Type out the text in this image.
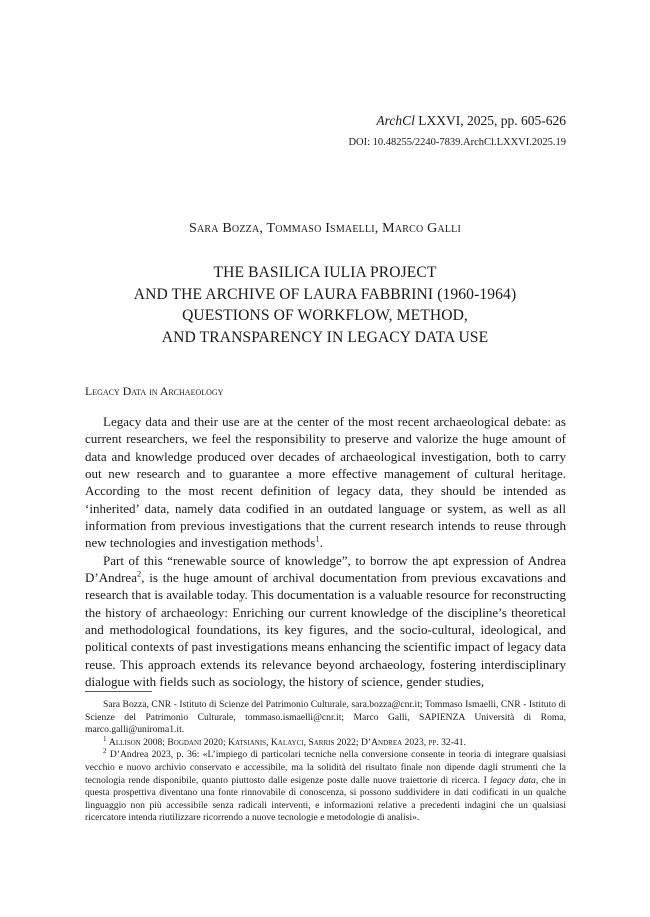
ArchCl LXXVI, 2025, pp. 605-626
DOI: 10.48255/2240-7839.ArchCl.LXXVI.2025.19
Sara Bozza, Tommaso Ismaelli, Marco Galli
THE BASILICA IULIA PROJECT
AND THE ARCHIVE OF LAURA FABBRINI (1960-1964)
QUESTIONS OF WORKFLOW, METHOD,
AND TRANSPARENCY IN LEGACY DATA USE
Legacy Data in Archaeology

Legacy data and their use are at the center of the most recent archaeological debate: as current researchers, we feel the responsibility to preserve and valorize the huge amount of data and knowledge produced over decades of archaeological investigation, both to carry out new research and to guarantee a more effective management of cultural heritage. According to the most recent definition of legacy data, they should be intended as ‘inherited’ data, namely data codified in an outdated language or system, as well as all information from previous investigations that the current research intends to reuse through new technologies and investigation methods$^1$.

Part of this “renewable source of knowledge”, to borrow the apt expression of Andrea D’Andrea$^2$, is the huge amount of archival documentation from previous excavations and research that is available today. This documentation is a valuable resource for reconstructing the history of archaeology: Enriching our current knowledge of the discipline’s theoretical and methodological foundations, its key figures, and the socio-cultural, ideological, and political contexts of past investigations means enhancing the scientific impact of legacy data reuse. This approach extends its relevance beyond archaeology, fostering interdisciplinary dialogue with fields such as sociology, the history of science, gender studies,

Sara Bozza, CNR - Istituto di Scienze del Patrimonio Culturale, sara.bozza@cnr.it; Tommaso Ismaelli, CNR - Istituto di Scienze del Patrimonio Culturale, tommaso.ismaelli@cnr.it; Marco Galli, SAPIENZA Università di Roma, marco.galli@uniroma1.it.

$^1$ Allison 2008; Bogdani 2020; Katsianis, Kalayci, Sarris 2022; D’Andrea 2023, pp. 32-41.

$^2$ D’Andrea 2023, p. 36: «L’impiego di particolari tecniche nella conversione consente in teoria di integrare qualsiasi vecchio e nuovo archivio conservato e accessibile, ma la solidità del risultato finale non dipende dagli strumenti che la tecnologia rende disponibile, quanto piuttosto dalle esigenze poste dalle nuove traiettorie di ricerca. I legacy data, che in questa prospettiva diventano una fonte rinnovabile di conoscenza, si possono suddividere in dati codificati in un qualche linguaggio non più accessibile senza radicali interventi, e informazioni relative a precedenti indagini che un qualsiasi ricercatore intenda riutilizzare ricorrendo a nuove tecnologie e metodologie di analisi».
